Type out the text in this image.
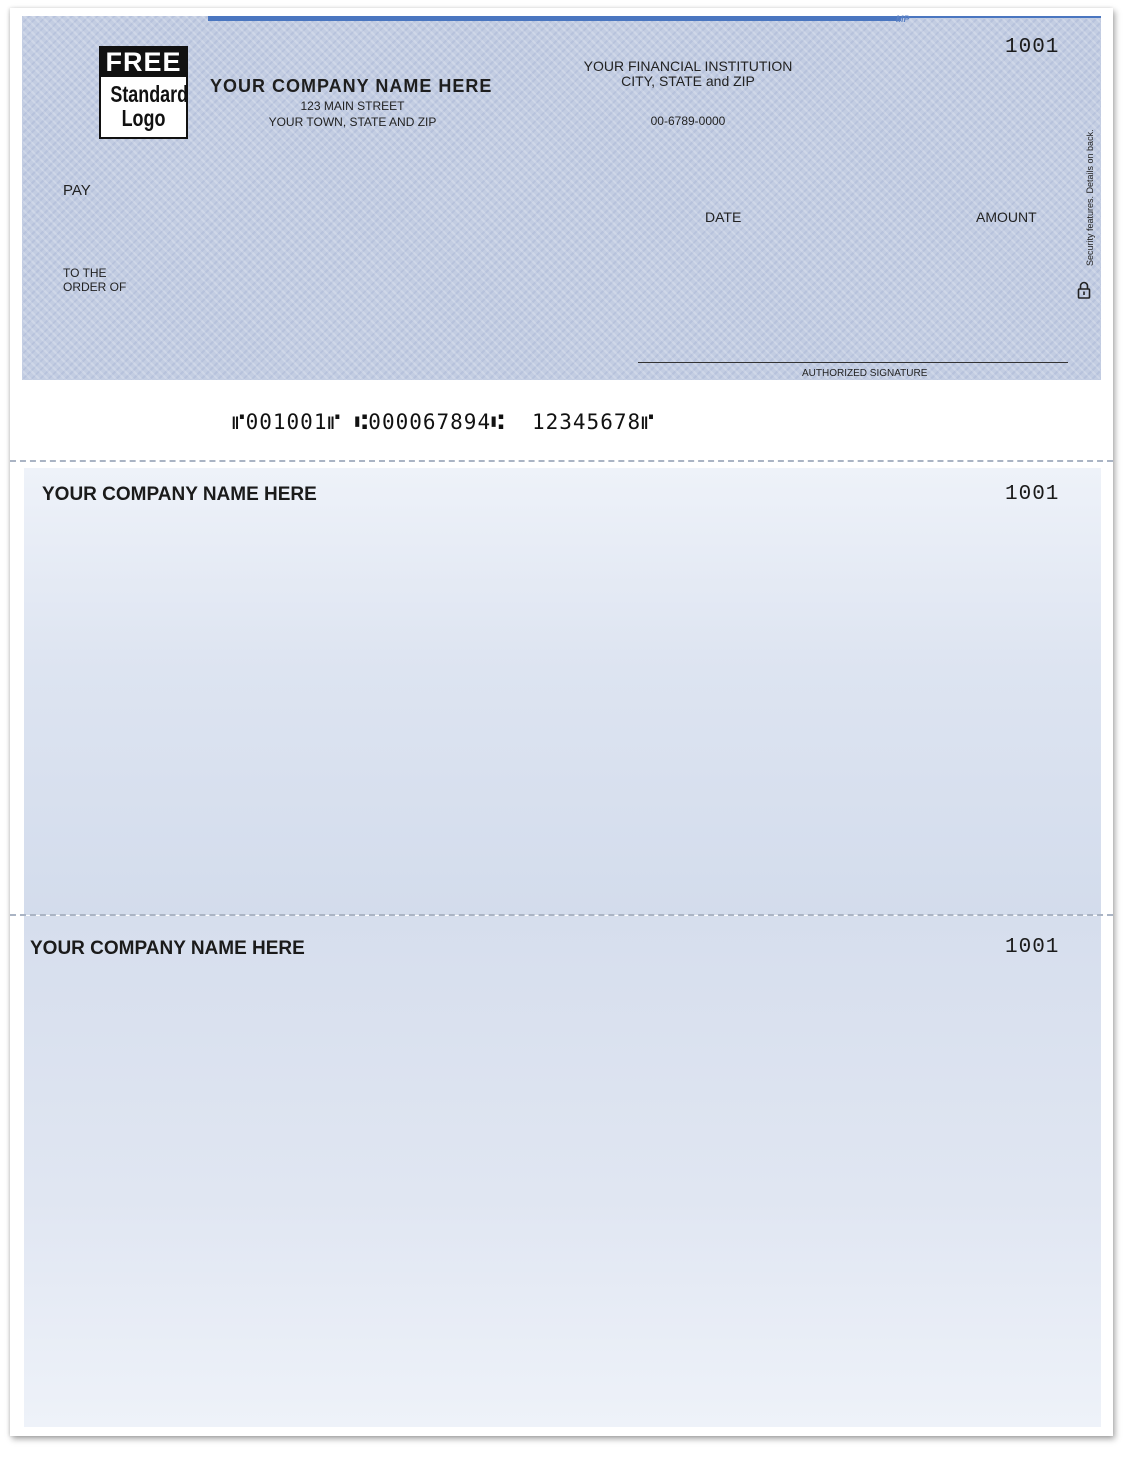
MP
FREE
Standard
Logo
YOUR COMPANY NAME HERE
123 MAIN STREET
YOUR TOWN, STATE AND ZIP
YOUR FINANCIAL INSTITUTION
CITY, STATE and ZIP
00-6789-0000
1001
PAY
DATE	AMOUNT
TO THE
ORDER OF
Security features. Details on back.
AUTHORIZED SIGNATURE
⑈001001⑈ ⑆000067894⑆  12345678⑈
YOUR COMPANY NAME HERE	1001
YOUR COMPANY NAME HERE	1001
